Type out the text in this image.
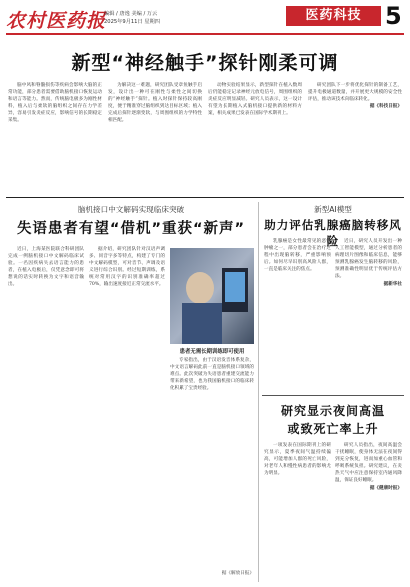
农村医药报
编辑 / 唐逸 美编 / 万云
2025年9月11日 星期四	医药科技 5
新型“神经触手”探针刚柔可调

脑中风和脊髓损伤等疾病会影响大脑的正常功能，部分患者需要借助脑机接口恢复运动和语言等能力。然而，传统脑电极多为刚性材料，植入后与柔软的脑组织之间存在力学差异，容易引发炎症反应，影响信号的长期稳定采集。

为解决这一难题，研究团队受章鱼触手启发，设计出一种可在刚性与柔性之间切换的“神经触手”探针。植入时探针保持较高刚度，便于精准穿过脑组织到达目标区域；植入完成后探针逐渐变软，与周围组织的力学特性相匹配。

动物实验结果显示，新型探针在植入数周后仍能稳定记录神经元放电信号，周围组织的炎症反应明显减轻。研究人员表示，这一设计有望为长期植入式脑机接口提供新的材料方案，相关成果已发表在国际学术期刊上。

研究团队下一步将优化探针的制备工艺，提升电极通道数量，并开展更大规模的安全性评估，推动该技术向临床转化。

据《科技日报》

脑机接口中文解码实现临床突破
失语患者有望“借机”重获“新声”

近日，上海某医院联合科研团队完成一例脑机接口中文解码临床试验。一名因疾病失去语言能力的患者，在植入电极后，仅凭意念即可将想说的话实时转换为文字和语音输出。

据介绍，研究团队针对汉语声调多、同音字多等特点，构建了专门的中文解码模型，可对音节、声调及语义进行综合识别。经过短期训练，系统对常用汉字的识别准确率超过70%，输出速度接近正常交流水平。

患者无需长期训练即可使用

专家指出，由于汉语发音体系复杂，中文语言解码此前一直是脑机接口领域的难点。此次突破为失语患者重建交流能力带来新希望，也为我国脑机接口的临床转化积累了宝贵经验。

据《解放日报》
新型AI模型
助力评估乳腺癌脑转移风险

乳腺癌是女性最常见的恶性肿瘤之一，部分患者会在治疗过程中出现脑转移，严重影响预后。如何尽早识别高风险人群，一直是临床关注的焦点。

近日，研究人员开发出一种人工智能模型，通过分析患者的病理切片图像和临床信息，能够预测乳腺癌发生脑转移的风险，预测准确性明显优于传统评估方法。

据新华社

研究显示夜间高温
或致死亡率上升

一项发表在国际期刊上的研究显示，夏季夜间气温持续偏高，可能增加人群的死亡风险，对老年人和慢性病患者的影响尤为明显。

研究人员指出，夜间高温会干扰睡眠，使身体无法在夜间得到充分恢复，进而加重心血管和呼吸系统负担。研究建议，在炎热天气中应注意保持室内通风降温，保证良好睡眠。

据《健康时报》
